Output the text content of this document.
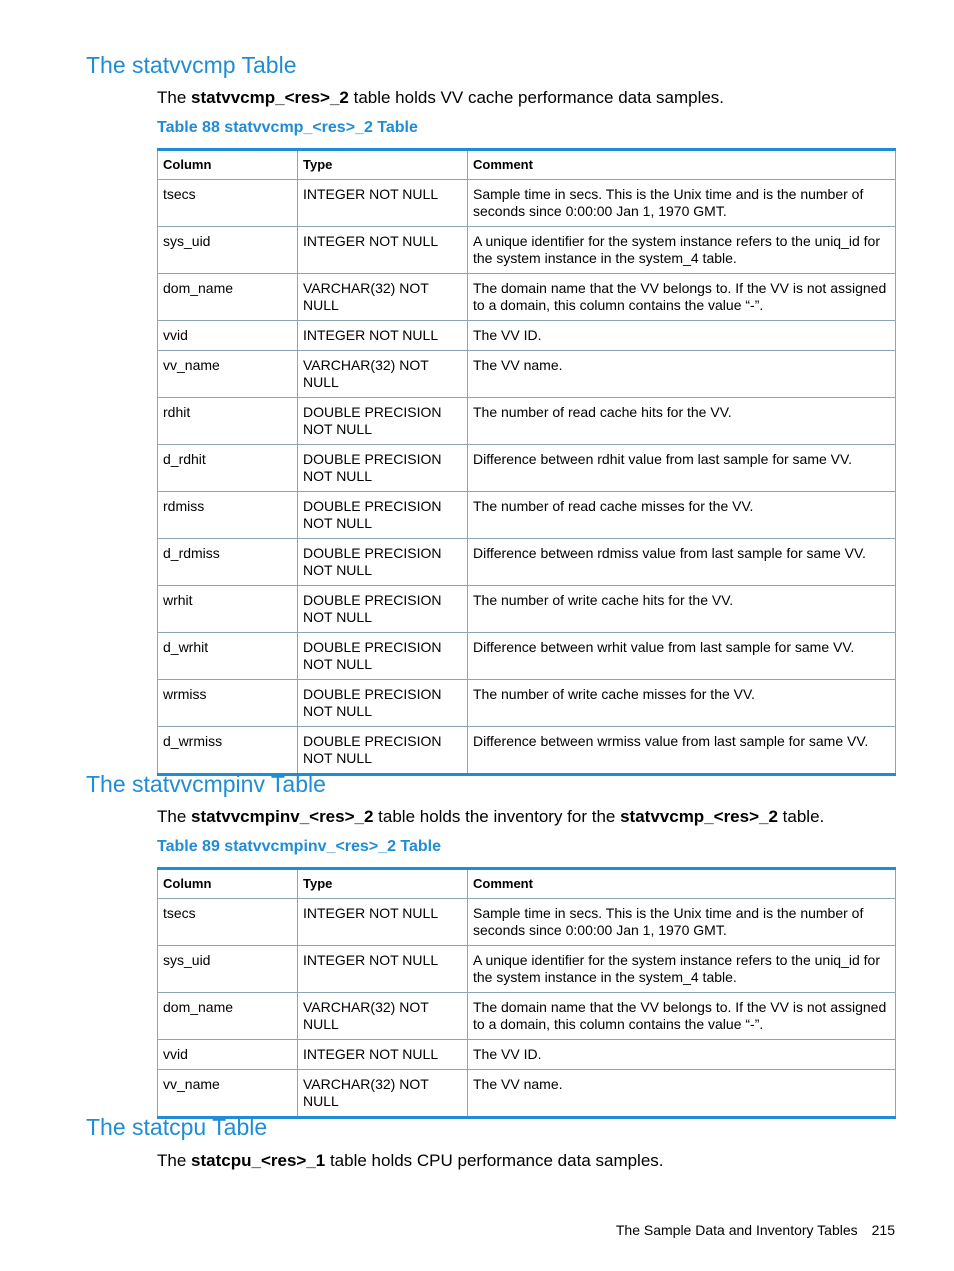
The statvvcmp Table

The statvvcmp_<res>_2 table holds VV cache performance data samples.

Table 88 statvvcmp_<res>_2 Table

Column	Type	Comment
tsecs	INTEGER NOT NULL	Sample time in secs. This is the Unix time and is the number of seconds since 0:00:00 Jan 1, 1970 GMT.
sys_uid	INTEGER NOT NULL	A unique identifier for the system instance refers to the uniq_id for the system instance in the system_4 table.
dom_name	VARCHAR(32) NOT NULL	The domain name that the VV belongs to. If the VV is not assigned to a domain, this column contains the value “-”.
vvid	INTEGER NOT NULL	The VV ID.
vv_name	VARCHAR(32) NOT NULL	The VV name.
rdhit	DOUBLE PRECISION NOT NULL	The number of read cache hits for the VV.
d_rdhit	DOUBLE PRECISION NOT NULL	Difference between rdhit value from last sample for same VV.
rdmiss	DOUBLE PRECISION NOT NULL	The number of read cache misses for the VV.
d_rdmiss	DOUBLE PRECISION NOT NULL	Difference between rdmiss value from last sample for same VV.
wrhit	DOUBLE PRECISION NOT NULL	The number of write cache hits for the VV.
d_wrhit	DOUBLE PRECISION NOT NULL	Difference between wrhit value from last sample for same VV.
wrmiss	DOUBLE PRECISION NOT NULL	The number of write cache misses for the VV.
d_wrmiss	DOUBLE PRECISION NOT NULL	Difference between wrmiss value from last sample for same VV.
The statvvcmpinv Table

The statvvcmpinv_<res>_2 table holds the inventory for the statvvcmp_<res>_2 table.

Table 89 statvvcmpinv_<res>_2 Table

Column	Type	Comment
tsecs	INTEGER NOT NULL	Sample time in secs. This is the Unix time and is the number of seconds since 0:00:00 Jan 1, 1970 GMT.
sys_uid	INTEGER NOT NULL	A unique identifier for the system instance refers to the uniq_id for the system instance in the system_4 table.
dom_name	VARCHAR(32) NOT NULL	The domain name that the VV belongs to. If the VV is not assigned to a domain, this column contains the value “-”.
vvid	INTEGER NOT NULL	The VV ID.
vv_name	VARCHAR(32) NOT NULL	The VV name.
The statcpu Table

The statcpu_<res>_1 table holds CPU performance data samples.

The Sample Data and Inventory Tables 215
